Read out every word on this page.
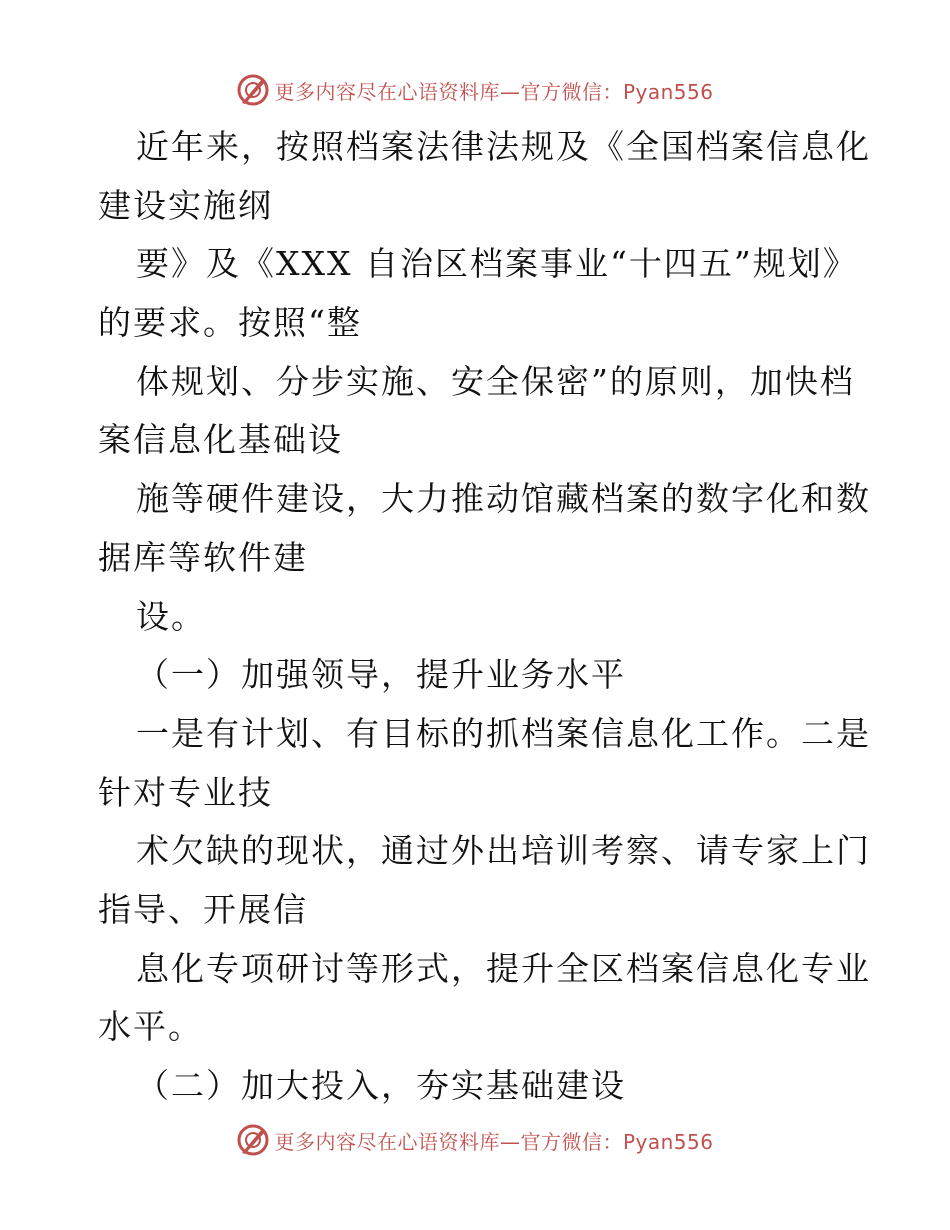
更多内容尽在心语资料库—官方微信：Pyan556
近年来，按照档案法律法规及《全国档案信息化
建设实施纲
要》及《XXX 自治区档案事业“十四五”规划》
的要求。按照“整
体规划、分步实施、安全保密”的原则，加快档
案信息化基础设
施等硬件建设，大力推动馆藏档案的数字化和数
据库等软件建
设。
（一）加强领导，提升业务水平
一是有计划、有目标的抓档案信息化工作。二是
针对专业技
术欠缺的现状，通过外出培训考察、请专家上门
指导、开展信
息化专项研讨等形式，提升全区档案信息化专业
水平。
（二）加大投入，夯实基础建设
更多内容尽在心语资料库—官方微信：Pyan556
